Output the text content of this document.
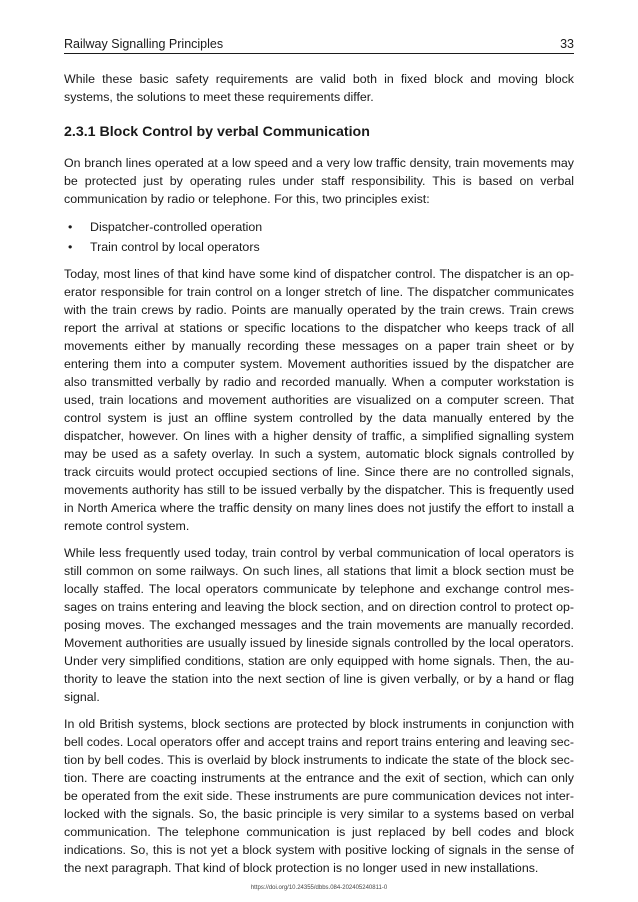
Railway Signalling Principles	33

While these basic safety requirements are valid both in fixed block and moving block systems, the solutions to meet these requirements differ.

2.3.1 Block Control by verbal Communication

On branch lines operated at a low speed and a very low traffic density, train movements may be protected just by operating rules under staff responsibility. This is based on verbal communication by radio or telephone. For this, two principles exist:

• Dispatcher-controlled operation
• Train control by local operators

Today, most lines of that kind have some kind of dispatcher control. The dispatcher is an operator responsible for train control on a longer stretch of line. The dispatcher communicates with the train crews by radio. Points are manually operated by the train crews. Train crews report the arrival at stations or specific locations to the dispatcher who keeps track of all movements either by manually recording these messages on a paper train sheet or by entering them into a computer system. Movement authorities issued by the dispatcher are also transmitted verbally by radio and recorded manually. When a computer workstation is used, train locations and movement authorities are visualized on a computer screen. That control system is just an offline system controlled by the data manually entered by the dispatcher, however. On lines with a higher density of traffic, a simplified signalling system may be used as a safety overlay. In such a system, automatic block signals controlled by track circuits would protect occupied sections of line. Since there are no controlled signals, movements authority has still to be issued verbally by the dispatcher. This is frequently used in North America where the traffic density on many lines does not justify the effort to install a remote control system.

While less frequently used today, train control by verbal communication of local operators is still common on some railways. On such lines, all stations that limit a block section must be locally staffed. The local operators communicate by telephone and exchange control messages on trains entering and leaving the block section, and on direction control to protect opposing moves. The exchanged messages and the train movements are manually recorded. Movement authorities are usually issued by lineside signals controlled by the local operators. Under very simplified conditions, station are only equipped with home signals. Then, the authority to leave the station into the next section of line is given verbally, or by a hand or flag signal.

In old British systems, block sections are protected by block instruments in conjunction with bell codes. Local operators offer and accept trains and report trains entering and leaving section by bell codes. This is overlaid by block instruments to indicate the state of the block section. There are coacting instruments at the entrance and the exit of section, which can only be operated from the exit side. These instruments are pure communication devices not interlocked with the signals. So, the basic principle is very similar to a systems based on verbal communication. The telephone communication is just replaced by bell codes and block indications. So, this is not yet a block system with positive locking of signals in the sense of the next paragraph. That kind of block protection is no longer used in new installations.

https://doi.org/10.24355/dbbs.084-202405240811-0
